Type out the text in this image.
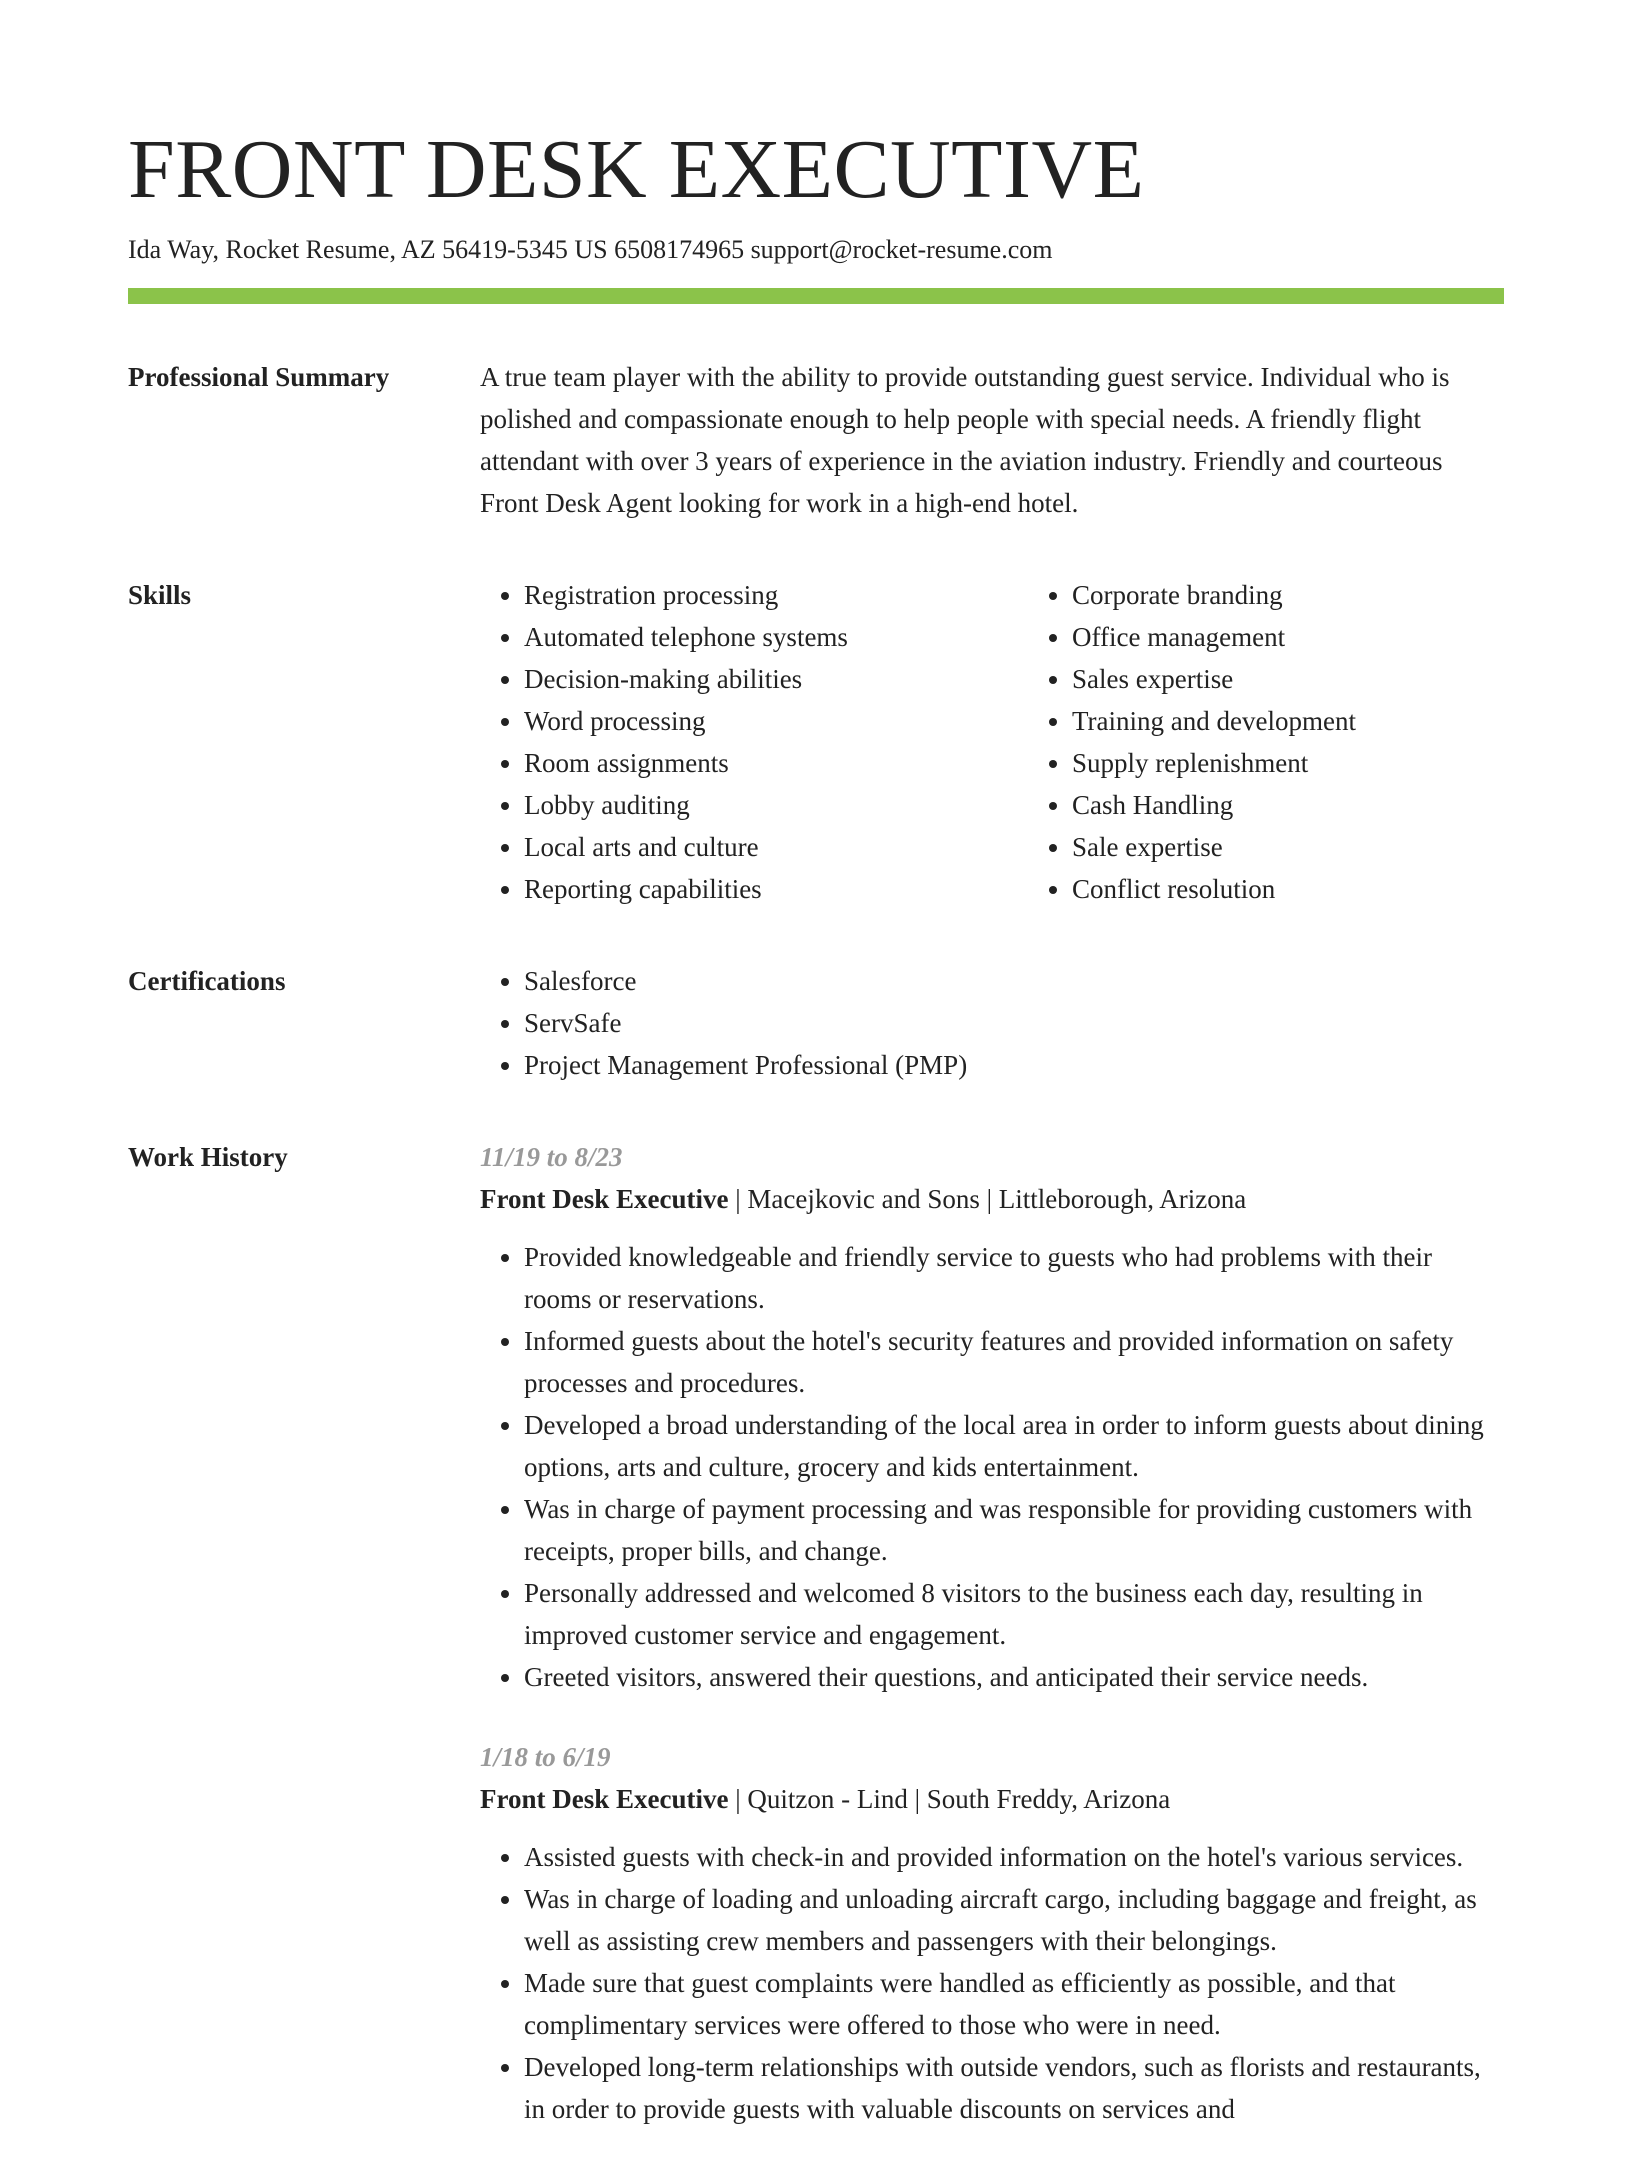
FRONT DESK EXECUTIVE
Ida Way, Rocket Resume, AZ 56419-5345 US 6508174965 support@rocket-resume.com
Professional Summary	A true team player with the ability to provide outstanding guest service. Individual who is polished and compassionate enough to help people with special needs. A friendly flight attendant with over 3 years of experience in the aviation industry. Friendly and courteous Front Desk Agent looking for work in a high-end hotel.

Skills	• Registration processing
• Automated telephone systems
• Decision-making abilities
• Word processing
• Room assignments
• Lobby auditing
• Local arts and culture
• Reporting capabilities
• Corporate branding
• Office management
• Sales expertise
• Training and development
• Supply replenishment
• Cash Handling
• Sale expertise
• Conflict resolution
Certifications	• Salesforce
• ServSafe
• Project Management Professional (PMP)
Work History	11/19 to 8/23
Front Desk Executive | Macejkovic and Sons | Littleborough, Arizona
• Provided knowledgeable and friendly service to guests who had problems with their rooms or reservations.
• Informed guests about the hotel's security features and provided information on safety processes and procedures.
• Developed a broad understanding of the local area in order to inform guests about dining options, arts and culture, grocery and kids entertainment.
• Was in charge of payment processing and was responsible for providing customers with receipts, proper bills, and change.
• Personally addressed and welcomed 8 visitors to the business each day, resulting in improved customer service and engagement.
• Greeted visitors, answered their questions, and anticipated their service needs.
1/18 to 6/19
Front Desk Executive | Quitzon - Lind | South Freddy, Arizona
• Assisted guests with check-in and provided information on the hotel's various services.
• Was in charge of loading and unloading aircraft cargo, including baggage and freight, as well as assisting crew members and passengers with their belongings.
• Made sure that guest complaints were handled as efficiently as possible, and that complimentary services were offered to those who were in need.
• Developed long-term relationships with outside vendors, such as florists and restaurants, in order to provide guests with valuable discounts on services and
